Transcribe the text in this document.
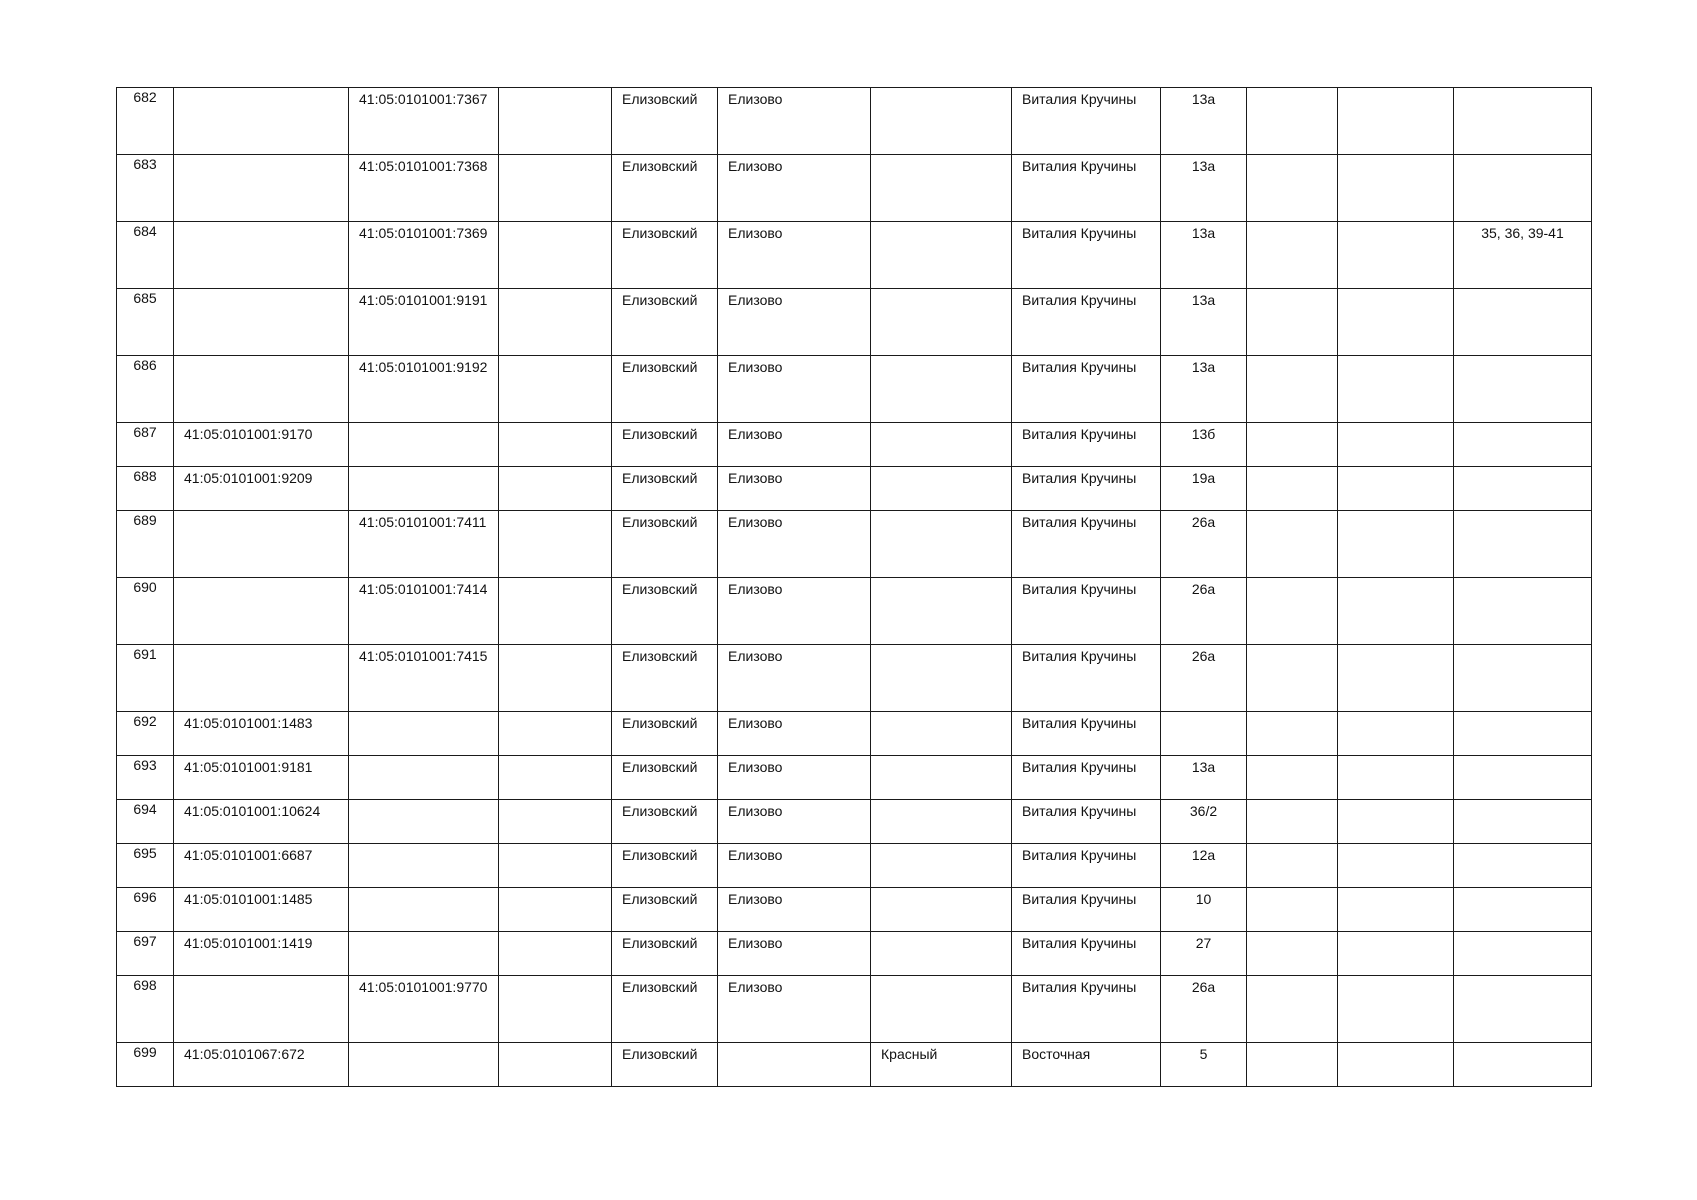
682		41:05:0101001:7367		Елизовский	Елизово		Виталия Кручины	13а			

683		41:05:0101001:7368		Елизовский	Елизово		Виталия Кручины	13а			

684		41:05:0101001:7369		Елизовский	Елизово		Виталия Кручины	13а			35, 36, 39-41

685		41:05:0101001:9191		Елизовский	Елизово		Виталия Кручины	13а			

686		41:05:0101001:9192		Елизовский	Елизово		Виталия Кручины	13а			

687	41:05:0101001:9170			Елизовский	Елизово		Виталия Кручины	13б			

688	41:05:0101001:9209			Елизовский	Елизово		Виталия Кручины	19а			

689		41:05:0101001:7411		Елизовский	Елизово		Виталия Кручины	26а			

690		41:05:0101001:7414		Елизовский	Елизово		Виталия Кручины	26а			

691		41:05:0101001:7415		Елизовский	Елизово		Виталия Кручины	26а			

692	41:05:0101001:1483			Елизовский	Елизово		Виталия Кручины				

693	41:05:0101001:9181			Елизовский	Елизово		Виталия Кручины	13а			

694	41:05:0101001:10624			Елизовский	Елизово		Виталия Кручины	36/2			

695	41:05:0101001:6687			Елизовский	Елизово		Виталия Кручины	12а			

696	41:05:0101001:1485			Елизовский	Елизово		Виталия Кручины	10			

697	41:05:0101001:1419			Елизовский	Елизово		Виталия Кручины	27			

698		41:05:0101001:9770		Елизовский	Елизово		Виталия Кручины	26а			

699	41:05:0101067:672			Елизовский		Красный	Восточная	5			
